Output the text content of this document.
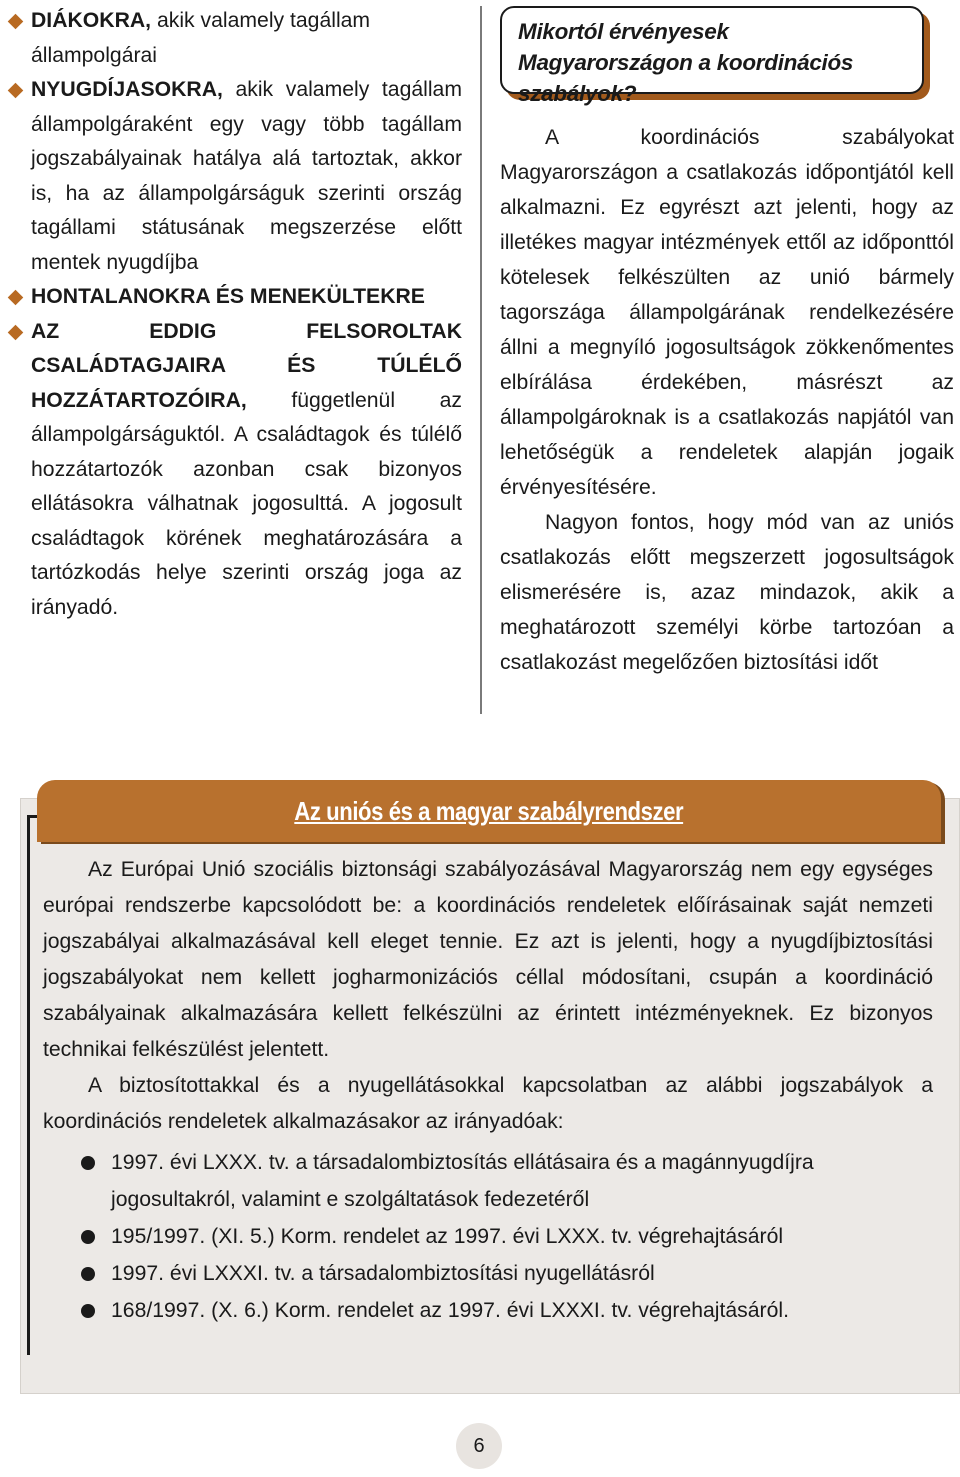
DIÁKOKRA, akik valamely tagállam állampolgárai
NYUGDÍJASOKRA, akik valamely tagállam állampolgáraként egy vagy több tagállam jogszabályainak hatálya alá tartoztak, akkor is, ha az állampolgárságuk szerinti ország tagállami státusának megszerzése előtt mentek nyugdíjba
HONTALANOKRA ÉS MENEKÜLTEKRE
AZ EDDIG FELSOROLTAK CSALÁDTAGJAIRA ÉS TÚLÉLŐ HOZZÁTARTOZÓIRA, függetlenül az állampolgárságuktól. A családtagok és túlélő hozzátartozók azonban csak bizonyos ellátásokra válhatnak jogosulttá. A jogosult családtagok körének meghatározására a tartózkodás helye szerinti ország joga az irányadó.
Mikortól érvényesek Magyarországon a koordinációs szabályok?

A koordinációs szabályokat Magyarországon a csatlakozás időpontjától kell alkalmazni. Ez egyrészt azt jelenti, hogy az illetékes magyar intézmények ettől az időponttól kötelesek felkészülten az unió bármely tagországa állampolgárának rendelkezésére állni a megnyíló jogosultságok zökkenőmentes elbírálása érdekében, másrészt az állampolgároknak is a csatlakozás napjától van lehetőségük a rendeletek alapján jogaik érvényesítésére.

Nagyon fontos, hogy mód van az uniós csatlakozás előtt megszerzett jogosultságok elismerésére is, azaz mindazok, akik a meghatározott személyi körbe tartozóan a csatlakozást megelőzően biztosítási időt

Az uniós és a magyar szabályrendszer

Az Európai Unió szociális biztonsági szabályozásával Magyarország nem egy egységes európai rendszerbe kapcsolódott be: a koordinációs rendeletek előírásainak saját nemzeti jogszabályai alkalmazásával kell eleget tennie. Ez azt is jelenti, hogy a nyugdíjbiztosítási jogszabályokat nem kellett jogharmonizációs céllal módosítani, csupán a koordináció szabályainak alkalmazására kellett felkészülni az érintett intézményeknek. Ez bizonyos technikai felkészülést jelentett.

A biztosítottakkal és a nyugellátásokkal kapcsolatban az alábbi jogszabályok a koordinációs rendeletek alkalmazásakor az irányadóak:

1997. évi LXXX. tv. a társadalombiztosítás ellátásaira és a magánnyugdíjra jogosultakról, valamint e szolgáltatások fedezetéről
195/1997. (XI. 5.) Korm. rendelet az 1997. évi LXXX. tv. végrehajtásáról
1997. évi LXXXI. tv. a társadalombiztosítási nyugellátásról
168/1997. (X. 6.) Korm. rendelet az 1997. évi LXXXI. tv. végrehajtásáról.
6
